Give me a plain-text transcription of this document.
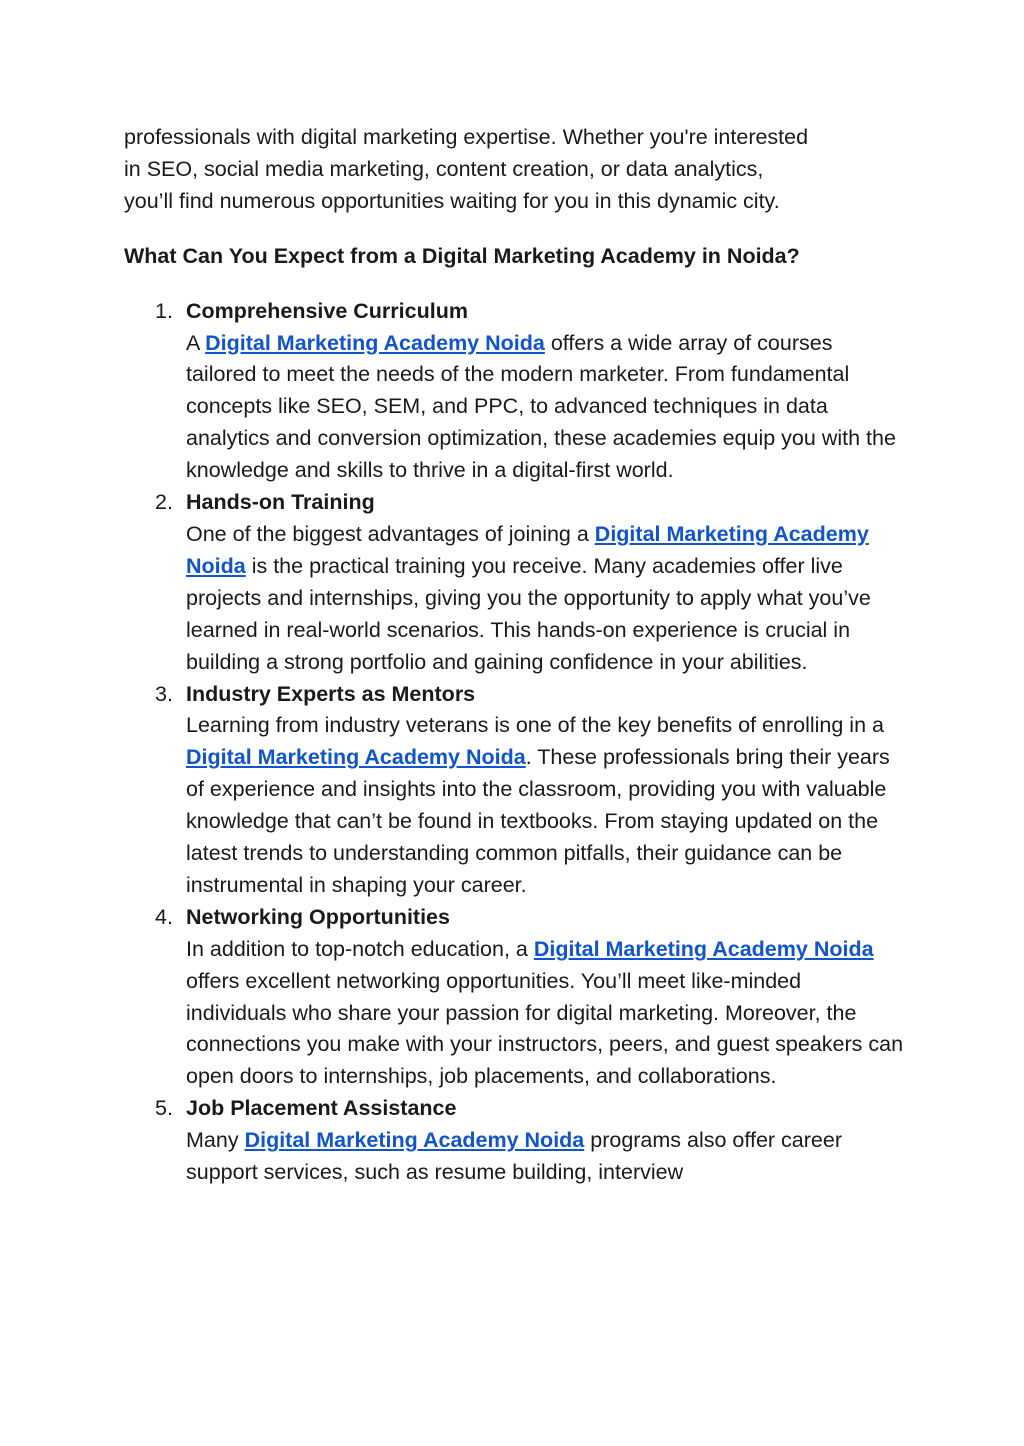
professionals with digital marketing expertise. Whether you're interested
in SEO, social media marketing, content creation, or data analytics,
you’ll find numerous opportunities waiting for you in this dynamic city.

What Can You Expect from a Digital Marketing Academy in Noida?

1. Comprehensive Curriculum
A Digital Marketing Academy Noida offers a wide array of courses tailored to meet the needs of the modern marketer. From fundamental concepts like SEO, SEM, and PPC, to advanced techniques in data analytics and conversion optimization, these academies equip you with the knowledge and skills to thrive in a digital-first world.
2. Hands-on Training
One of the biggest advantages of joining a Digital Marketing Academy Noida is the practical training you receive. Many academies offer live projects and internships, giving you the opportunity to apply what you’ve learned in real-world scenarios. This hands-on experience is crucial in building a strong portfolio and gaining confidence in your abilities.
3. Industry Experts as Mentors
Learning from industry veterans is one of the key benefits of enrolling in a Digital Marketing Academy Noida. These professionals bring their years of experience and insights into the classroom, providing you with valuable knowledge that can’t be found in textbooks. From staying updated on the latest trends to understanding common pitfalls, their guidance can be instrumental in shaping your career.
4. Networking Opportunities
In addition to top-notch education, a Digital Marketing Academy Noida offers excellent networking opportunities. You’ll meet like-minded individuals who share your passion for digital marketing. Moreover, the connections you make with your instructors, peers, and guest speakers can open doors to internships, job placements, and collaborations.
5. Job Placement Assistance
Many Digital Marketing Academy Noida programs also offer career support services, such as resume building, interview
